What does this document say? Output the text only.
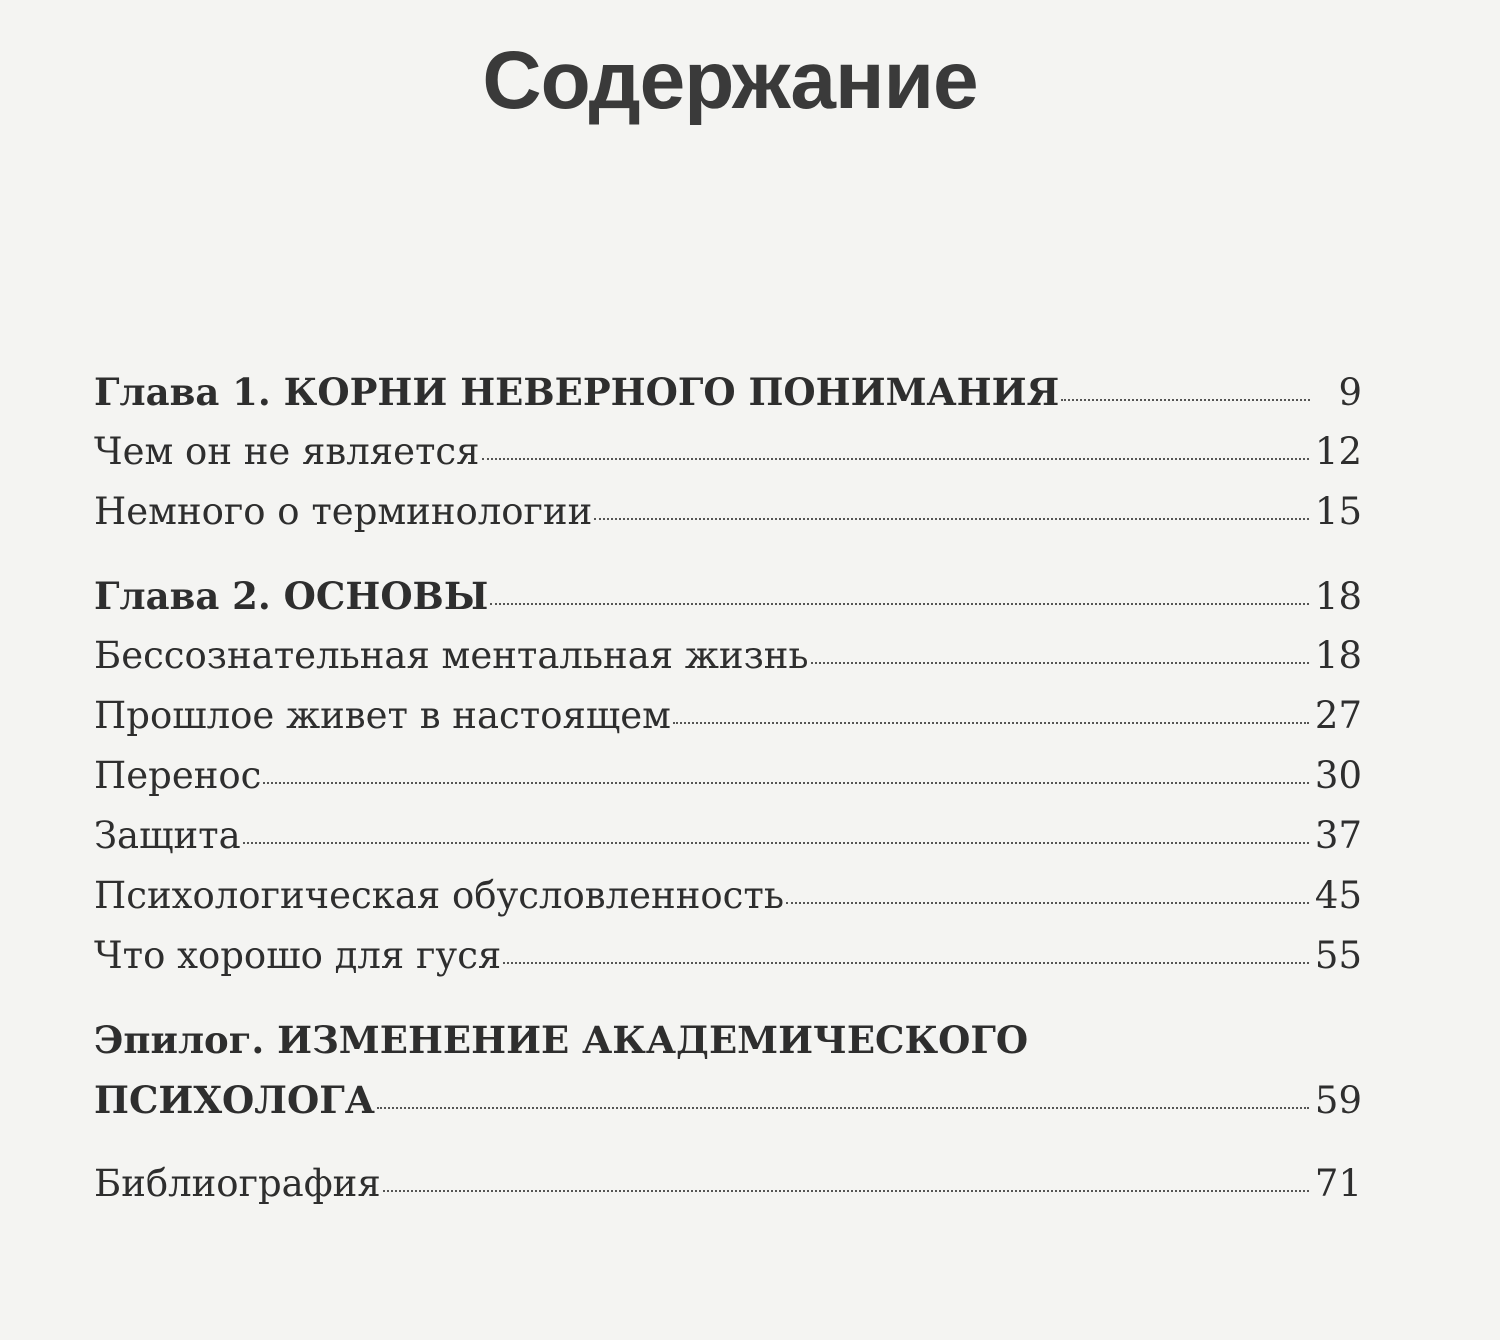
Содержание
Глава 1. КОРНИ НЕВЕРНОГО ПОНИМАНИЯ	9
Чем он не является	12
Немного о терминологии	15
Глава 2. ОСНОВЫ	18
Бессознательная ментальная жизнь	18
Прошлое живет в настоящем	27
Перенос	30
Защита	37
Психологическая обусловленность	45
Что хорошо для гуся	55
Эпилог. ИЗМЕНЕНИЕ АКАДЕМИЧЕСКОГО
ПСИХОЛОГА	59
Библиография	71
